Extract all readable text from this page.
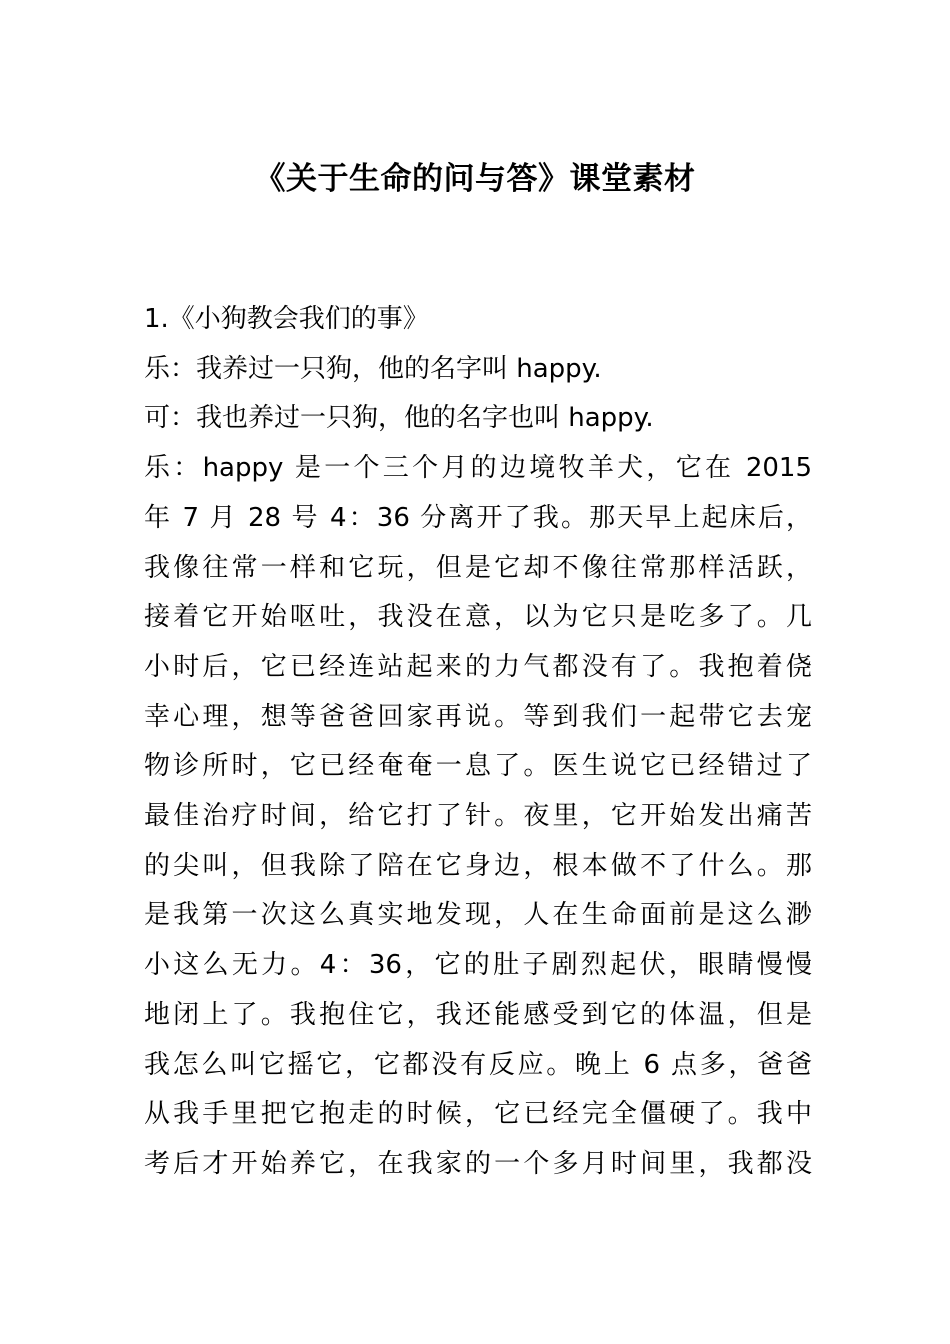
《关于生命的问与答》课堂素材
1.《小狗教会我们的事》
乐：我养过一只狗，他的名字叫 happy.
可：我也养过一只狗，他的名字也叫 happy.
乐：happy 是一个三个月的边境牧羊犬，它在 2015
年 7 月 28 号 4：36 分离开了我。那天早上起床后，
我像往常一样和它玩，但是它却不像往常那样活跃，
接着它开始呕吐，我没在意，以为它只是吃多了。几
小时后，它已经连站起来的力气都没有了。我抱着侥
幸心理，想等爸爸回家再说。等到我们一起带它去宠
物诊所时，它已经奄奄一息了。医生说它已经错过了
最佳治疗时间，给它打了针。夜里，它开始发出痛苦
的尖叫，但我除了陪在它身边，根本做不了什么。那
是我第一次这么真实地发现，人在生命面前是这么渺
小这么无力。4：36，它的肚子剧烈起伏，眼睛慢慢
地闭上了。我抱住它，我还能感受到它的体温，但是
我怎么叫它摇它，它都没有反应。晚上 6 点多，爸爸
从我手里把它抱走的时候，它已经完全僵硬了。我中
考后才开始养它，在我家的一个多月时间里，我都没
